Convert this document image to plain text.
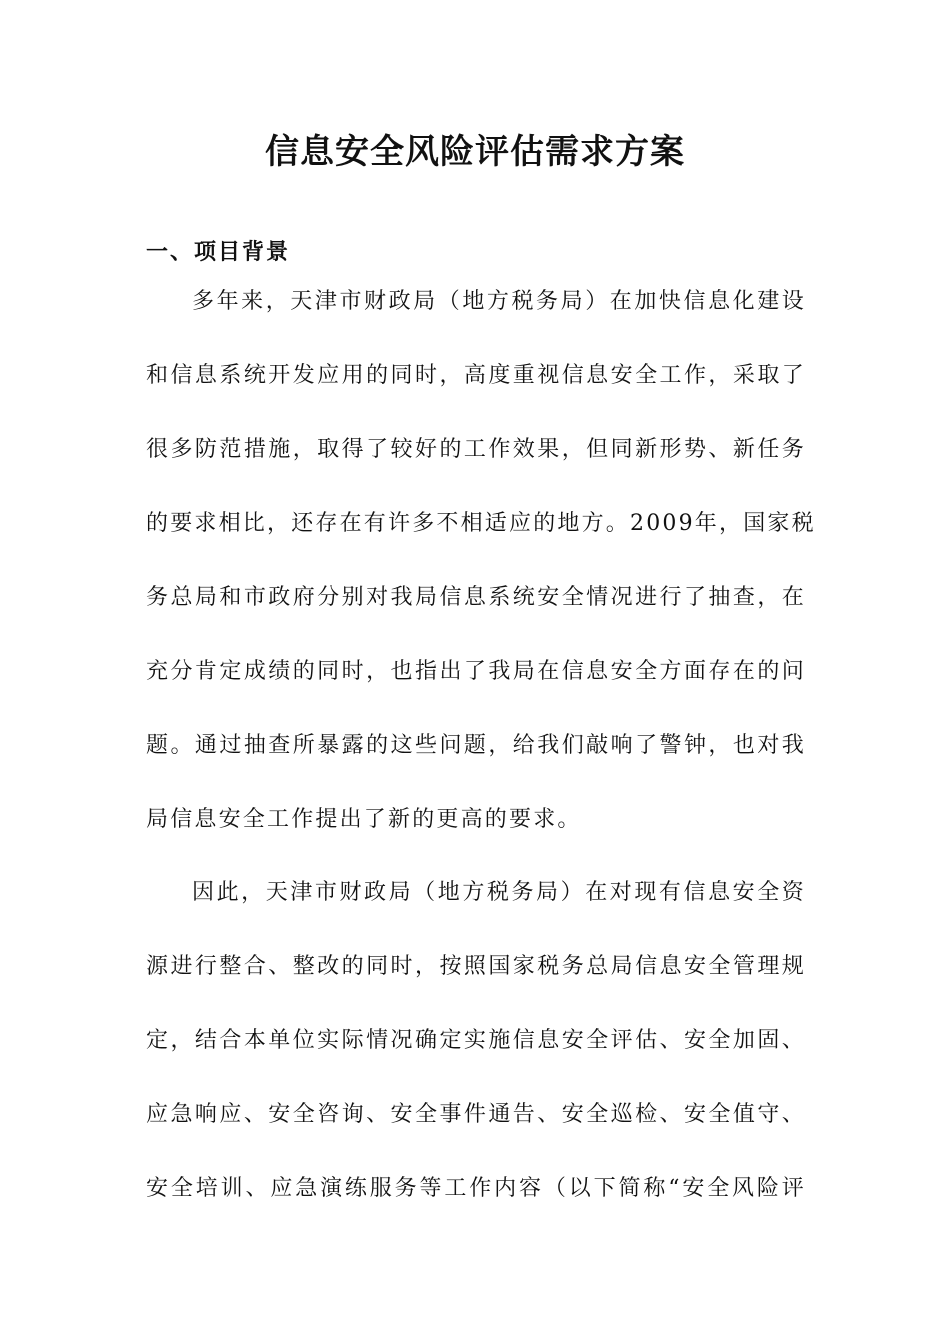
信息安全风险评估需求方案
一、项目背景
多年来，天津市财政局（地方税务局）在加快信息化建设
和信息系统开发应用的同时，高度重视信息安全工作，采取了
很多防范措施，取得了较好的工作效果，但同新形势、新任务
的要求相比，还存在有许多不相适应的地方。2009年，国家税
务总局和市政府分别对我局信息系统安全情况进行了抽查，在
充分肯定成绩的同时，也指出了我局在信息安全方面存在的问
题。通过抽查所暴露的这些问题，给我们敲响了警钟，也对我
局信息安全工作提出了新的更高的要求。
因此，天津市财政局（地方税务局）在对现有信息安全资
源进行整合、整改的同时，按照国家税务总局信息安全管理规
定，结合本单位实际情况确定实施信息安全评估、安全加固、
应急响应、安全咨询、安全事件通告、安全巡检、安全值守、
安全培训、应急演练服务等工作内容（以下简称“安全风险评
